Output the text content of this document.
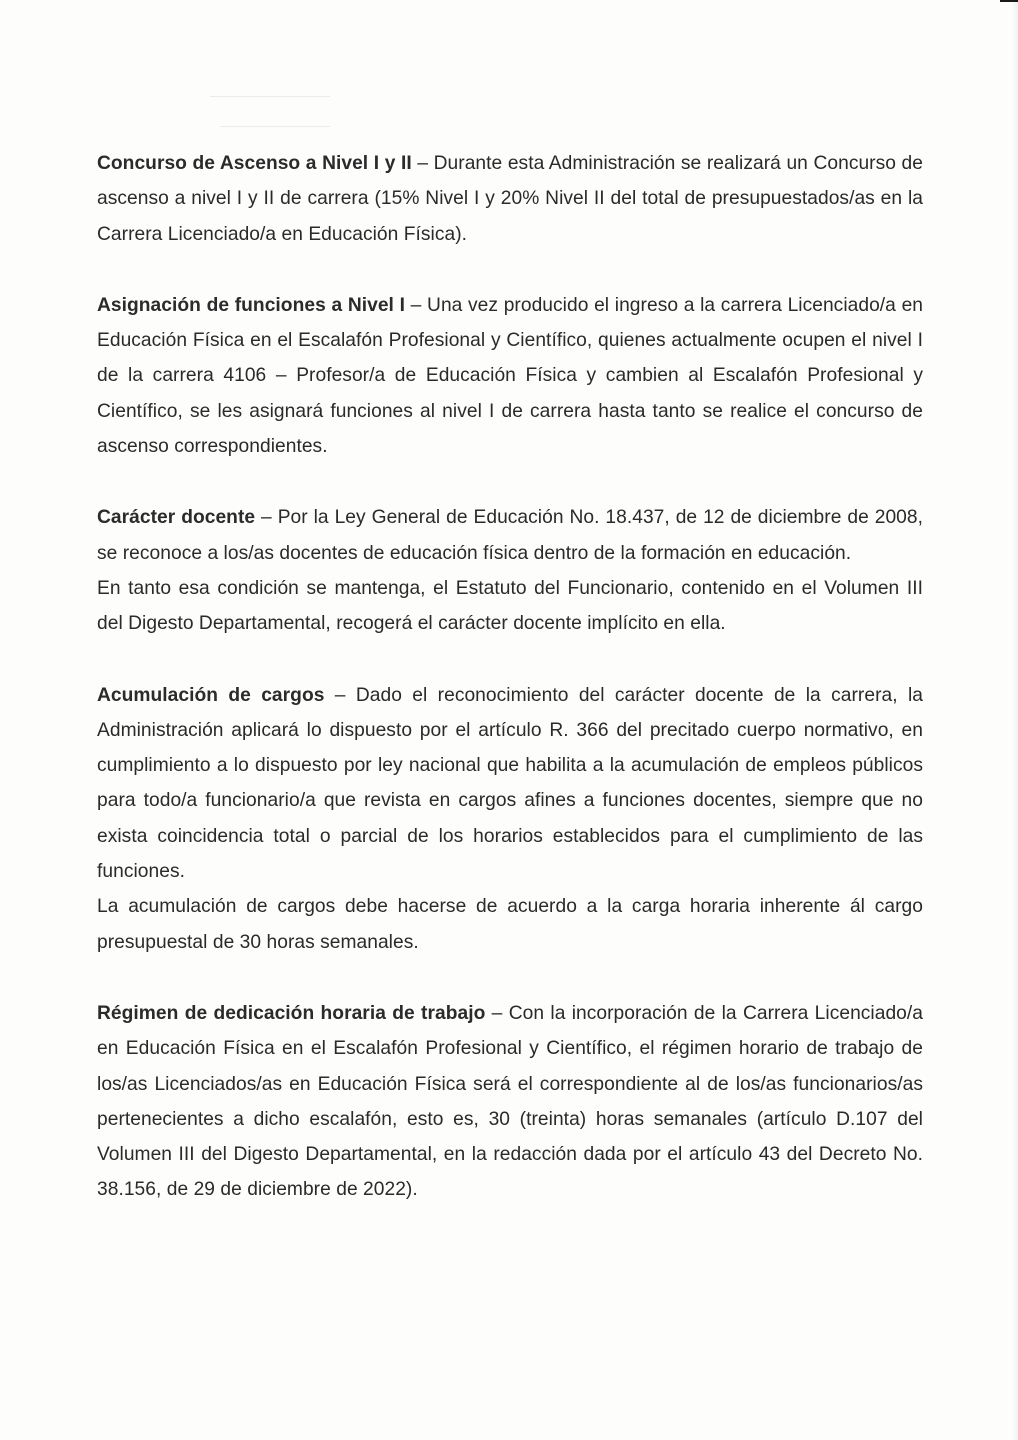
Concurso de Ascenso a Nivel I y II – Durante esta Administración se realizará un Concurso de ascenso a nivel I y II de carrera (15% Nivel I y 20% Nivel II del total de presupuestados/as en la Carrera Licenciado/a en Educación Física).

Asignación de funciones a Nivel I – Una vez producido el ingreso a la carrera Licenciado/a en Educación Física en el Escalafón Profesional y Científico, quienes actualmente ocupen el nivel I de la carrera 4106 – Profesor/a de Educación Física y cambien al Escalafón Profesional y Científico, se les asignará funciones al nivel I de carrera hasta tanto se realice el concurso de ascenso correspondientes.

Carácter docente – Por la Ley General de Educación No. 18.437, de 12 de diciembre de 2008, se reconoce a los/as docentes de educación física dentro de la formación en educación.

En tanto esa condición se mantenga, el Estatuto del Funcionario, contenido en el Volumen III del Digesto Departamental, recogerá el carácter docente implícito en ella.

Acumulación de cargos – Dado el reconocimiento del carácter docente de la carrera, la Administración aplicará lo dispuesto por el artículo R. 366 del precitado cuerpo normativo, en cumplimiento a lo dispuesto por ley nacional que habilita a la acumulación de empleos públicos para todo/a funcionario/a que revista en cargos afines a funciones docentes, siempre que no exista coincidencia total o parcial de los horarios establecidos para el cumplimiento de las funciones.

La acumulación de cargos debe hacerse de acuerdo a la carga horaria inherente ál cargo presupuestal de 30 horas semanales.

Régimen de dedicación horaria de trabajo – Con la incorporación de la Carrera Licenciado/a en Educación Física en el Escalafón Profesional y Científico, el régimen horario de trabajo de los/as Licenciados/as en Educación Física será el correspondiente al de los/as funcionarios/as pertenecientes a dicho escalafón, esto es, 30 (treinta) horas semanales (artículo D.107 del Volumen III del Digesto Departamental, en la redacción dada por el artículo 43 del Decreto No. 38.156, de 29 de diciembre de 2022).
